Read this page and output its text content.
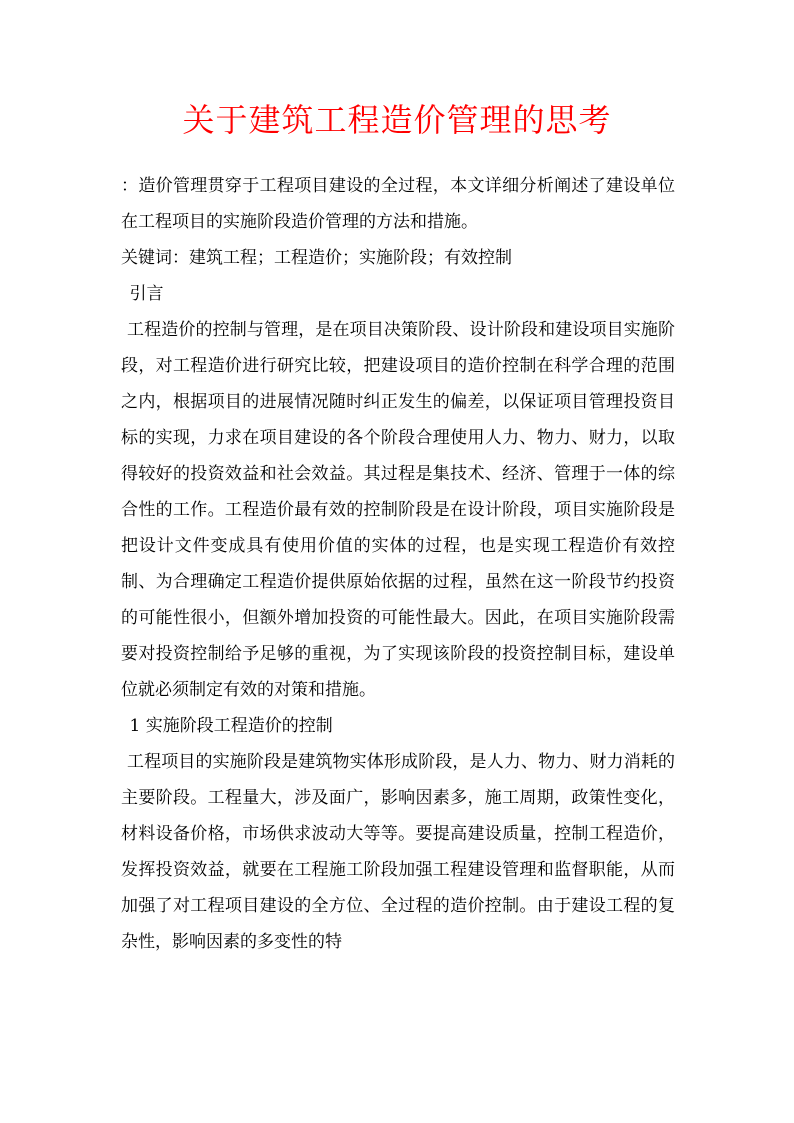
关于建筑工程造价管理的思考

：造价管理贯穿于工程项目建设的全过程，本文详细分析阐述了建设单位在工程项目的实施阶段造价管理的方法和措施。

关键词：建筑工程；工程造价；实施阶段；有效控制

引言

工程造价的控制与管理，是在项目决策阶段、设计阶段和建设项目实施阶段，对工程造价进行研究比较，把建设项目的造价控制在科学合理的范围之内，根据项目的进展情况随时纠正发生的偏差，以保证项目管理投资目标的实现，力求在项目建设的各个阶段合理使用人力、物力、财力，以取得较好的投资效益和社会效益。其过程是集技术、经济、管理于一体的综合性的工作。工程造价最有效的控制阶段是在设计阶段，项目实施阶段是把设计文件变成具有使用价值的实体的过程，也是实现工程造价有效控制、为合理确定工程造价提供原始依据的过程，虽然在这一阶段节约投资的可能性很小，但额外增加投资的可能性最大。因此，在项目实施阶段需要对投资控制给予足够的重视，为了实现该阶段的投资控制目标，建设单位就必须制定有效的对策和措施。

1 实施阶段工程造价的控制

工程项目的实施阶段是建筑物实体形成阶段，是人力、物力、财力消耗的主要阶段。工程量大，涉及面广，影响因素多，施工周期，政策性变化，材料设备价格，市场供求波动大等等。要提高建设质量，控制工程造价，发挥投资效益，就要在工程施工阶段加强工程建设管理和监督职能，从而加强了对工程项目建设的全方位、全过程的造价控制。由于建设工程的复杂性，影响因素的多变性的特
